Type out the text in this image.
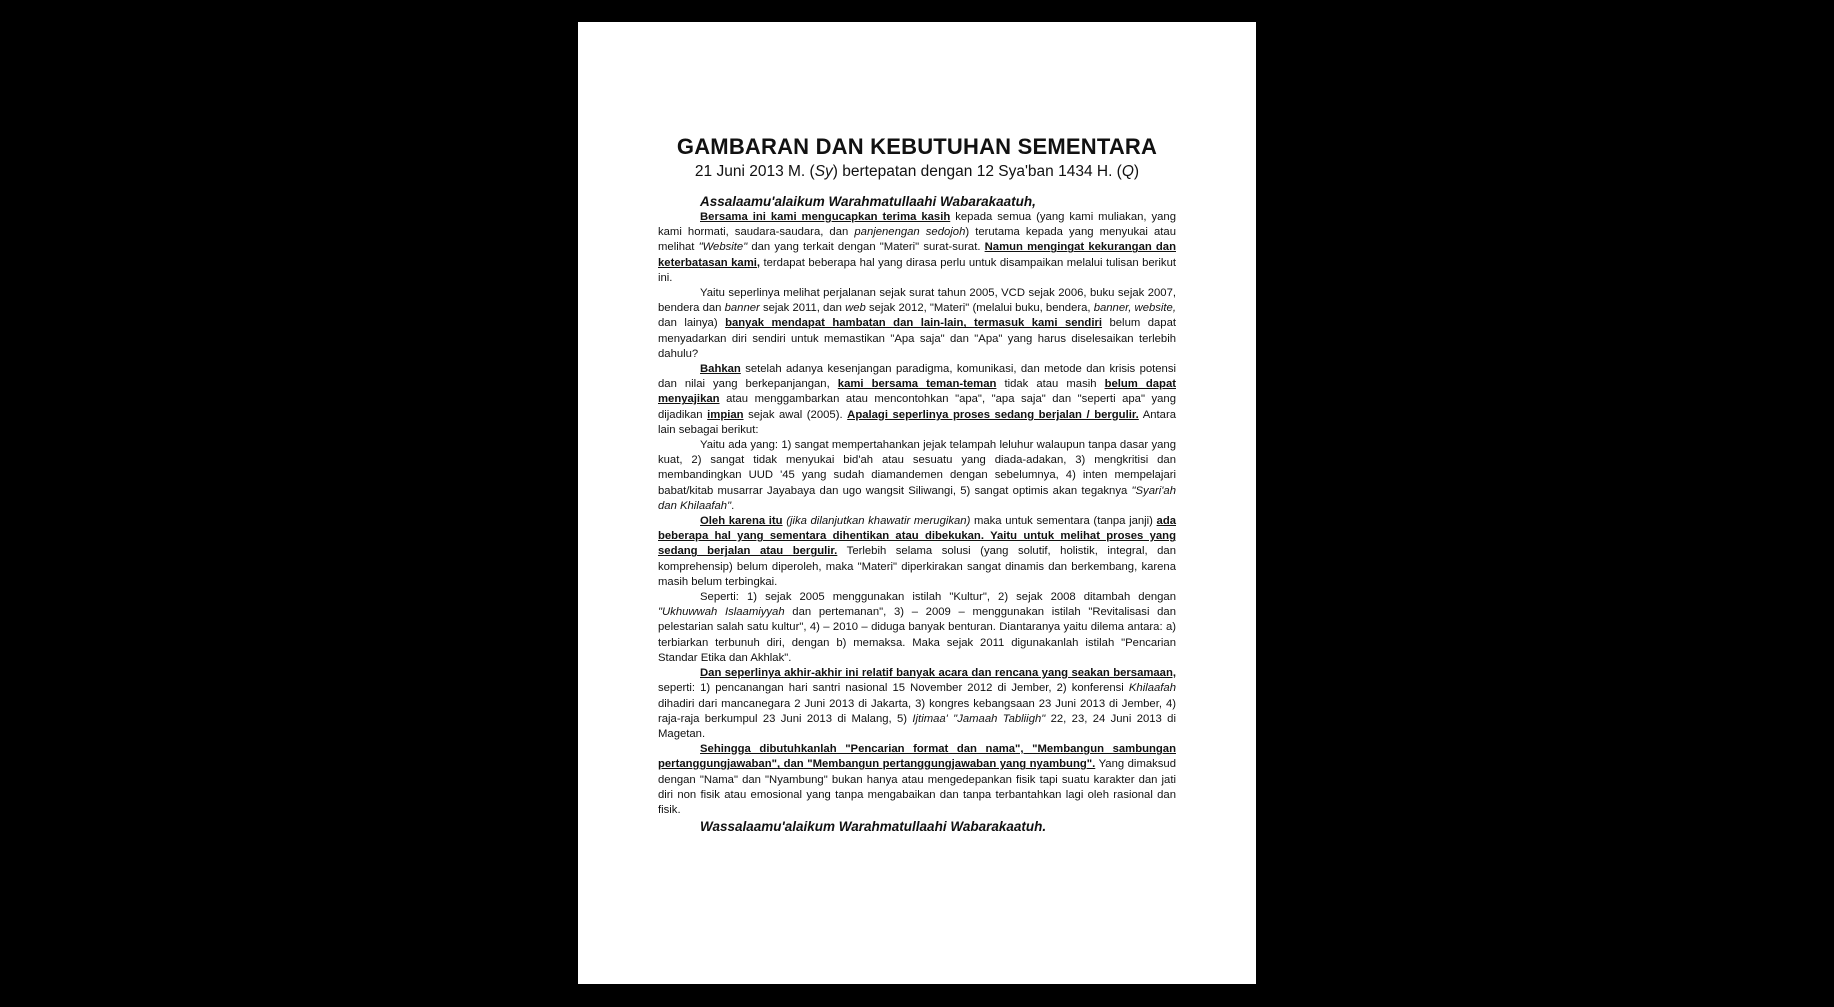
GAMBARAN DAN KEBUTUHAN SEMENTARA
21 Juni 2013 M. (Sy) bertepatan dengan 12 Sya'ban 1434 H. (Q)
Assalaamu'alaikum Warahmatullaahi Wabarakaatuh,

Bersama ini kami mengucapkan terima kasih kepada semua (yang kami muliakan, yang kami hormati, saudara-saudara, dan panjenengan sedojoh) terutama kepada yang menyukai atau melihat "Website" dan yang terkait dengan "Materi" surat-surat. Namun mengingat kekurangan dan keterbatasan kami, terdapat beberapa hal yang dirasa perlu untuk disampaikan melalui tulisan berikut ini.

Yaitu seperlinya melihat perjalanan sejak surat tahun 2005, VCD sejak 2006, buku sejak 2007, bendera dan banner sejak 2011, dan web sejak 2012, "Materi" (melalui buku, bendera, banner, website, dan lainya) banyak mendapat hambatan dan lain-lain, termasuk kami sendiri belum dapat menyadarkan diri sendiri untuk memastikan "Apa saja" dan "Apa" yang harus diselesaikan terlebih dahulu?

Bahkan setelah adanya kesenjangan paradigma, komunikasi, dan metode dan krisis potensi dan nilai yang berkepanjangan, kami bersama teman-teman tidak atau masih belum dapat menyajikan atau menggambarkan atau mencontohkan "apa", "apa saja" dan "seperti apa" yang dijadikan impian sejak awal (2005). Apalagi seperlinya proses sedang berjalan / bergulir. Antara lain sebagai berikut:

Yaitu ada yang: 1) sangat mempertahankan jejak telampah leluhur walaupun tanpa dasar yang kuat, 2) sangat tidak menyukai bid'ah atau sesuatu yang diada-adakan, 3) mengkritisi dan membandingkan UUD '45 yang sudah diamandemen dengan sebelumnya, 4) inten mempelajari babat/kitab musarrar Jayabaya dan ugo wangsit Siliwangi, 5) sangat optimis akan tegaknya "Syari'ah dan Khilaafah".

Oleh karena itu (jika dilanjutkan khawatir merugikan) maka untuk sementara (tanpa janji) ada beberapa hal yang sementara dihentikan atau dibekukan. Yaitu untuk melihat proses yang sedang berjalan atau bergulir. Terlebih selama solusi (yang solutif, holistik, integral, dan komprehensip) belum diperoleh, maka "Materi" diperkirakan sangat dinamis dan berkembang, karena masih belum terbingkai.

Seperti: 1) sejak 2005 menggunakan istilah "Kultur", 2) sejak 2008 ditambah dengan "Ukhuwwah Islaamiyyah dan pertemanan", 3) – 2009 – menggunakan istilah "Revitalisasi dan pelestarian salah satu kultur", 4) – 2010 – diduga banyak benturan. Diantaranya yaitu dilema antara: a) terbiarkan terbunuh diri, dengan b) memaksa. Maka sejak 2011 digunakanlah istilah "Pencarian Standar Etika dan Akhlak".

Dan seperlinya akhir-akhir ini relatif banyak acara dan rencana yang seakan bersamaan, seperti: 1) pencanangan hari santri nasional 15 November 2012 di Jember, 2) konferensi Khilaafah dihadiri dari mancanegara 2 Juni 2013 di Jakarta, 3) kongres kebangsaan 23 Juni 2013 di Jember, 4) raja-raja berkumpul 23 Juni 2013 di Malang, 5) Ijtimaa' "Jamaah Tabliigh" 22, 23, 24 Juni 2013 di Magetan.

Sehingga dibutuhkanlah "Pencarian format dan nama", "Membangun sambungan pertanggungjawaban", dan "Membangun pertanggungjawaban yang nyambung". Yang dimaksud dengan "Nama" dan "Nyambung" bukan hanya atau mengedepankan fisik tapi suatu karakter dan jati diri non fisik atau emosional yang tanpa mengabaikan dan tanpa terbantahkan lagi oleh rasional dan fisik.

Wassalaamu'alaikum Warahmatullaahi Wabarakaatuh.
